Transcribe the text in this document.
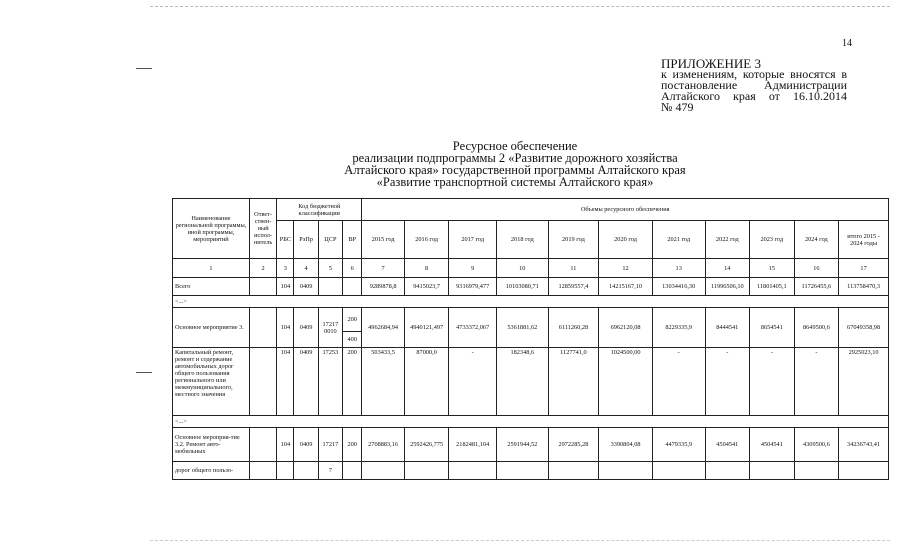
14
ПРИЛОЖЕНИЕ 3
к изменениям, которые вносятся в
постановление Администрации
Алтайского края от 16.10.2014
№ 479
Ресурсное обеспечение
реализации подпрограммы 2 «Развитие дорожного хозяйства
Алтайского края» государственной программы Алтайского края
«Развитие транспортной системы Алтайского края»
Наименование региональной программы, иной программы, мероприятий	Ответ-ствен-ный испол-нитель	Код бюджетной классификации				Объемы ресурсного обеспечения										
		РБС	РзПр	ЦСР	ВР	2015 год	2016 год	2017 год	2018 год	2019 год	2020 год	2021 год	2022 год	2023 год	2024 год	итого 2015 - 2024 годы
1	2	3	4	5	6	7	8	9	10	11	12	13	14	15	16	17
Всего		104	0409			9289878,8	9415023,7	9316979,477	10103080,71	12859557,4	14215167,10	13034416,30	11996506,10	11801405,1	11726455,6	113758470,3
<...>																
Основное мероприятие 3.		104	0409	17217 0010	200	4962684,94	4940121,497	4733372,067	5361881,62	6111260,28	6962120,08	8229335,9	8444541	8654541	8649500,6	67049358,98
					400											
Капитальный ремонт, ремонт и содержание автомобильных дорог общего пользования регионального или межмуниципального, местного значения		104	0409	17253	200	503433,5	87000,0	-	182348,6	1127741,0	1024500,00	-	-	-	-	2925023,10
<...>																
Основное мероприя-тие 3.2. Ремонт авто-мобильных		104	0409	17217	200	2708883,16	2592426,775	2182481,104	2591944,52	2972285,28	3390804,08	4479335,9	4504541	4504541	4309500,6	34236743,41
дорог общего пользо-				7												
